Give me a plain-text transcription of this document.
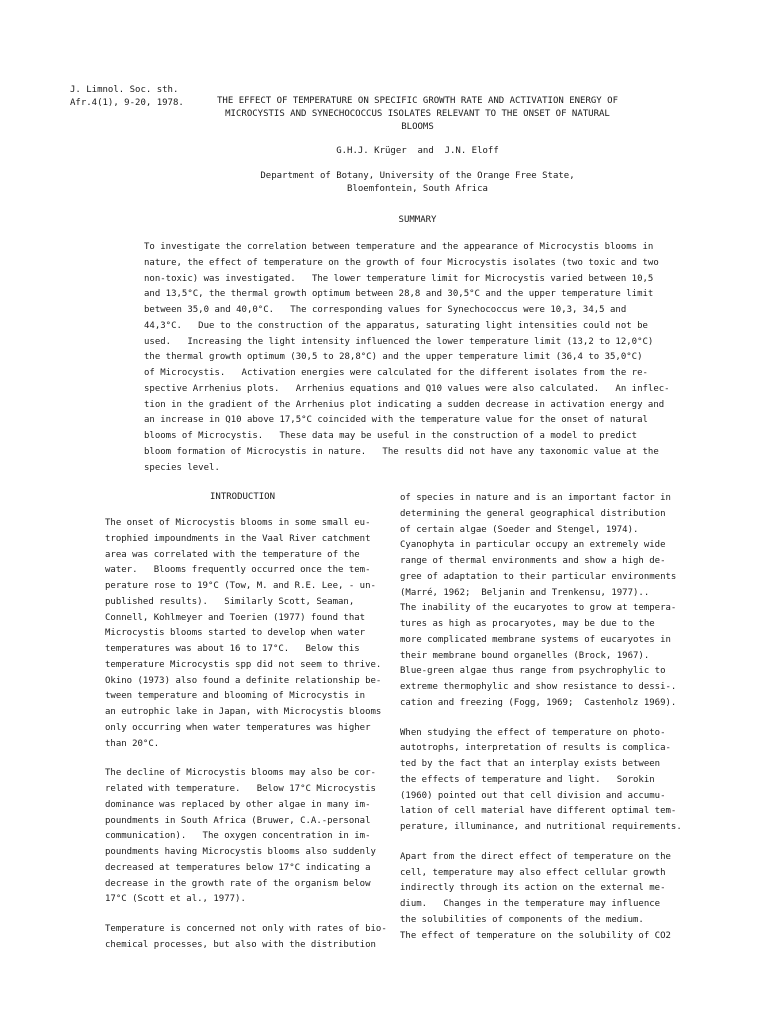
J. Limnol. Soc. sth.
Afr.4(1), 9-20, 1978.	THE EFFECT OF TEMPERATURE ON SPECIFIC GROWTH RATE AND ACTIVATION ENERGY OF
MICROCYSTIS AND SYNECHOCOCCUS ISOLATES RELEVANT TO THE ONSET OF NATURAL
BLOOMS
G.H.J. Krüger  and  J.N. Eloff
Department of Botany, University of the Orange Free State,
Bloemfontein, South Africa
SUMMARY
To investigate the correlation between temperature and the appearance of Microcystis blooms in
nature, the effect of temperature on the growth of four Microcystis isolates (two toxic and two
non-toxic) was investigated.   The lower temperature limit for Microcystis varied between 10,5
and 13,5°C, the thermal growth optimum between 28,8 and 30,5°C and the upper temperature limit
between 35,0 and 40,0°C.   The corresponding values for Synechococcus were 10,3, 34,5 and
44,3°C.   Due to the construction of the apparatus, saturating light intensities could not be
used.   Increasing the light intensity influenced the lower temperature limit (13,2 to 12,0°C)
the thermal growth optimum (30,5 to 28,8°C) and the upper temperature limit (36,4 to 35,0°C)
of Microcystis.   Activation energies were calculated for the different isolates from the re-
spective Arrhenius plots.   Arrhenius equations and Q10 values were also calculated.   An inflec-
tion in the gradient of the Arrhenius plot indicating a sudden decrease in activation energy and
an increase in Q10 above 17,5°C coincided with the temperature value for the onset of natural
blooms of Microcystis.   These data may be useful in the construction of a model to predict
bloom formation of Microcystis in nature.   The results did not have any taxonomic value at the
species level.
INTRODUCTION
The onset of Microcystis blooms in some small eu-
trophied impoundments in the Vaal River catchment
area was correlated with the temperature of the
water.   Blooms frequently occurred once the tem-
perature rose to 19°C (Tow, M. and R.E. Lee, - un-
published results).   Similarly Scott, Seaman,
Connell, Kohlmeyer and Toerien (1977) found that
Microcystis blooms started to develop when water
temperatures was about 16 to 17°C.   Below this
temperature Microcystis spp did not seem to thrive.
Okino (1973) also found a definite relationship be-
tween temperature and blooming of Microcystis in
an eutrophic lake in Japan, with Microcystis blooms
only occurring when water temperatures was higher
than 20°C.
The decline of Microcystis blooms may also be cor-
related with temperature.   Below 17°C Microcystis
dominance was replaced by other algae in many im-
poundments in South Africa (Bruwer, C.A.-personal
communication).   The oxygen concentration in im-
poundments having Microcystis blooms also suddenly
decreased at temperatures below 17°C indicating a
decrease in the growth rate of the organism below
17°C (Scott et al., 1977).
Temperature is concerned not only with rates of bio-
chemical processes, but also with the distribution
of species in nature and is an important factor in
determining the general geographical distribution
of certain algae (Soeder and Stengel, 1974).
Cyanophyta in particular occupy an extremely wide
range of thermal environments and show a high de-
gree of adaptation to their particular environments
(Marré, 1962;  Beljanin and Trenkensu, 1977)..
The inability of the eucaryotes to grow at tempera-
tures as high as procaryotes, may be due to the
more complicated membrane systems of eucaryotes in
their membrane bound organelles (Brock, 1967).
Blue-green algae thus range from psychrophylic to
extreme thermophylic and show resistance to dessi-.
cation and freezing (Fogg, 1969;  Castenholz 1969).
When studying the effect of temperature on photo-
autotrophs, interpretation of results is complica-
ted by the fact that an interplay exists between
the effects of temperature and light.   Sorokin
(1960) pointed out that cell division and accumu-
lation of cell material have different optimal tem-
perature, illuminance, and nutritional requirements.
Apart from the direct effect of temperature on the
cell, temperature may also effect cellular growth
indirectly through its action on the external me-
dium.   Changes in the temperature may influence
the solubilities of components of the medium.
The effect of temperature on the solubility of CO2
